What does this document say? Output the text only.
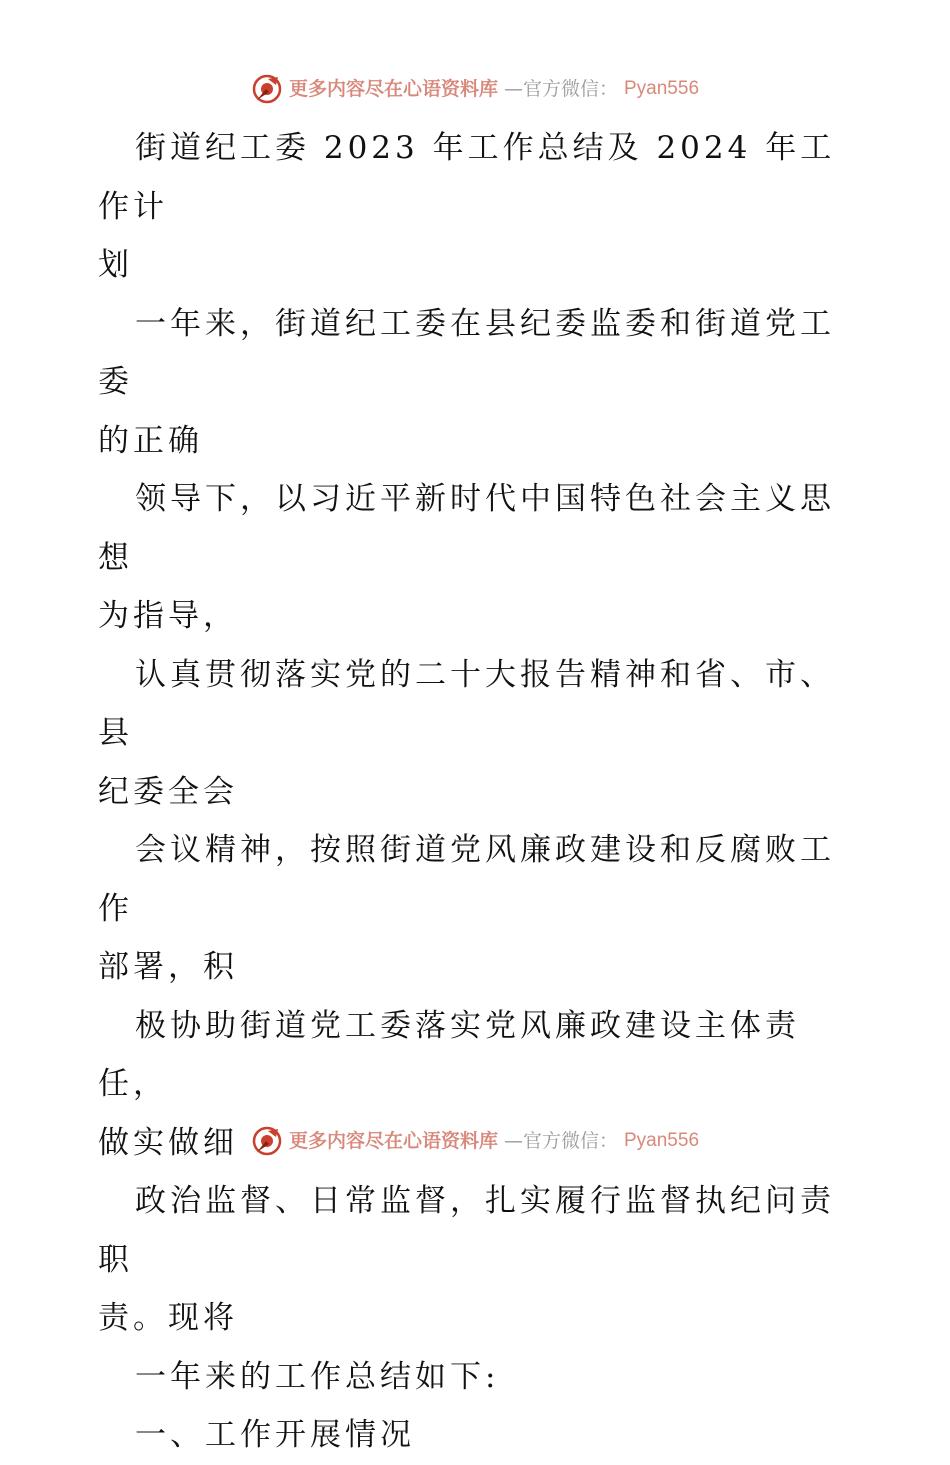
更多内容尽在心语资料库 —官方微信： Pyan556

街道纪工委 2023 年工作总结及 2024 年工作计
划

一年来，街道纪工委在县纪委监委和街道党工委
的正确

领导下，以习近平新时代中国特色社会主义思想
为指导，

认真贯彻落实党的二十大报告精神和省、市、县
纪委全会

会议精神，按照街道党风廉政建设和反腐败工作
部署，积

极协助街道党工委落实党风廉政建设主体责任，
做实做细

政治监督、日常监督，扎实履行监督执纪问责职
责。现将

一年来的工作总结如下:

一、工作开展情况

更多内容尽在心语资料库 —官方微信： Pyan556
